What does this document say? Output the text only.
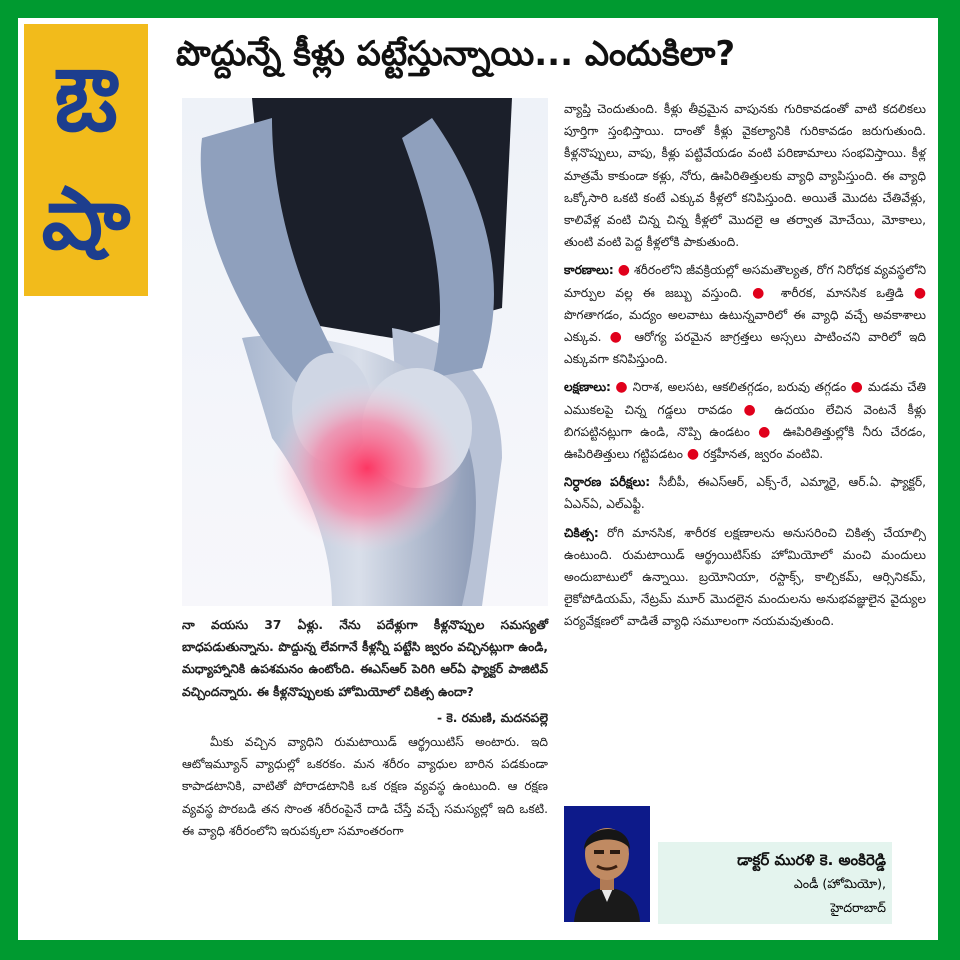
ఔ
షా
పొద్దున్నే కీళ్లు పట్టేస్తున్నాయి... ఎందుకిలా?

నా వయసు 37 ఏళ్లు. నేను పదేళ్లుగా కీళ్లనొప్పుల సమస్యతో బాధపడుతున్నాను. పొద్దున్న లేవగానే కీళ్లన్నీ పట్టేసి జ్వరం వచ్చినట్లుగా ఉండి, మధ్యాహ్నానికి ఉపశమనం ఉంటోంది. ఈఎస్ఆర్ పెరిగి ఆర్ఏ ఫ్యాక్టర్ పాజిటివ్ వచ్చిందన్నారు. ఈ కీళ్లనొప్పులకు హోమియోలో చికిత్స ఉందా?

- కె. రమణి, మదనపల్లె

మీకు వచ్చిన వ్యాధిని రుమటాయిడ్ ఆర్థ్రయిటిస్ అంటారు. ఇది ఆటోఇమ్యూన్ వ్యాధుల్లో ఒకరకం. మన శరీరం వ్యాధుల బారిన పడకుండా కాపాడటానికి, వాటితో పోరాడటానికి ఒక రక్షణ వ్యవస్థ ఉంటుంది. ఆ రక్షణ వ్యవస్థ పొరబడి తన సొంత శరీరంపైనే దాడి చేస్తే వచ్చే సమస్యల్లో ఇది ఒకటి. ఈ వ్యాధి శరీరంలోని ఇరుపక్కలా సమాంతరంగా

వ్యాప్తి చెందుతుంది. కీళ్లు తీవ్రమైన వాపునకు గురికావడంతో వాటి కదలికలు పూర్తిగా స్తంభిస్తాయి. దాంతో కీళ్లు వైకల్యానికి గురికావడం జరుగుతుంది. కీళ్లనొప్పులు, వాపు, కీళ్లు పట్టివేయడం వంటి పరిణామాలు సంభవిస్తాయి. కీళ్ల మాత్రమే కాకుండా కళ్లు, నోరు, ఊపిరితిత్తులకు వ్యాధి వ్యాపిస్తుంది. ఈ వ్యాధి ఒక్కోసారి ఒకటి కంటే ఎక్కువ కీళ్లలో కనిపిస్తుంది. అయితే మొదట చేతివేళ్లు, కాలివేళ్ల వంటి చిన్న చిన్న కీళ్లలో మొదలై ఆ తర్వాత మోచేయి, మోకాలు, తుంటి వంటి పెద్ద కీళ్లలోకి పాకుతుంది.

కారణాలు: ● శరీరంలోని జీవక్రియల్లో అసమతౌల్యత, రోగ నిరోధక వ్యవస్థలోని మార్పుల వల్ల ఈ జబ్బు వస్తుంది. ● శారీరక, మానసిక ఒత్తిడి ● పొగతాగడం, మద్యం అలవాటు ఉటున్నవారిలో ఈ వ్యాధి వచ్చే అవకాశాలు ఎక్కువ. ● ఆరోగ్య పరమైన జాగ్రత్తలు అస్సలు పాటించని వారిలో ఇది ఎక్కువగా కనిపిస్తుంది.

లక్షణాలు: ● నిరాశ, అలసట, ఆకలితగ్గడం, బరువు తగ్గడం ● మడమ చేతి ఎముకలపై చిన్న గడ్డలు రావడం ● ఉదయం లేచిన వెంటనే కీళ్లు బిగపట్టినట్లుగా ఉండి, నొప్పి ఉండటం ● ఊపిరితిత్తుల్లోకి నీరు చేరడం, ఊపిరితిత్తులు గట్టిపడటం ● రక్తహీనత, జ్వరం వంటివి.

నిర్ధారణ పరీక్షలు: సీబీపీ, ఈఎస్ఆర్, ఎక్స్-రే, ఎమ్మారై, ఆర్.ఏ. ఫ్యాక్టర్, ఏఎన్ఏ, ఎల్ఎఫ్టీ.

చికిత్స: రోగి మానసిక, శారీరక లక్షణాలను అనుసరించి చికిత్స చేయాల్సి ఉంటుంది. రుమటాయిడ్ ఆర్థ్రయిటిస్‌కు హోమియోలో మంచి మందులు అందుబాటులో ఉన్నాయి. బ్రయోనియా, రస్టాక్స్, కాల్చికమ్, ఆర్సినికమ్, లైకోపోడియమ్, నేట్రమ్ మూర్ మొదలైన మందులను అనుభవజ్ఞులైన వైద్యుల పర్యవేక్షణలో వాడితే వ్యాధి సమూలంగా నయమవుతుంది.

డాక్టర్ మురళి కె. అంకిరెడ్డి
ఎండీ (హోమియో),
హైదరాబాద్
